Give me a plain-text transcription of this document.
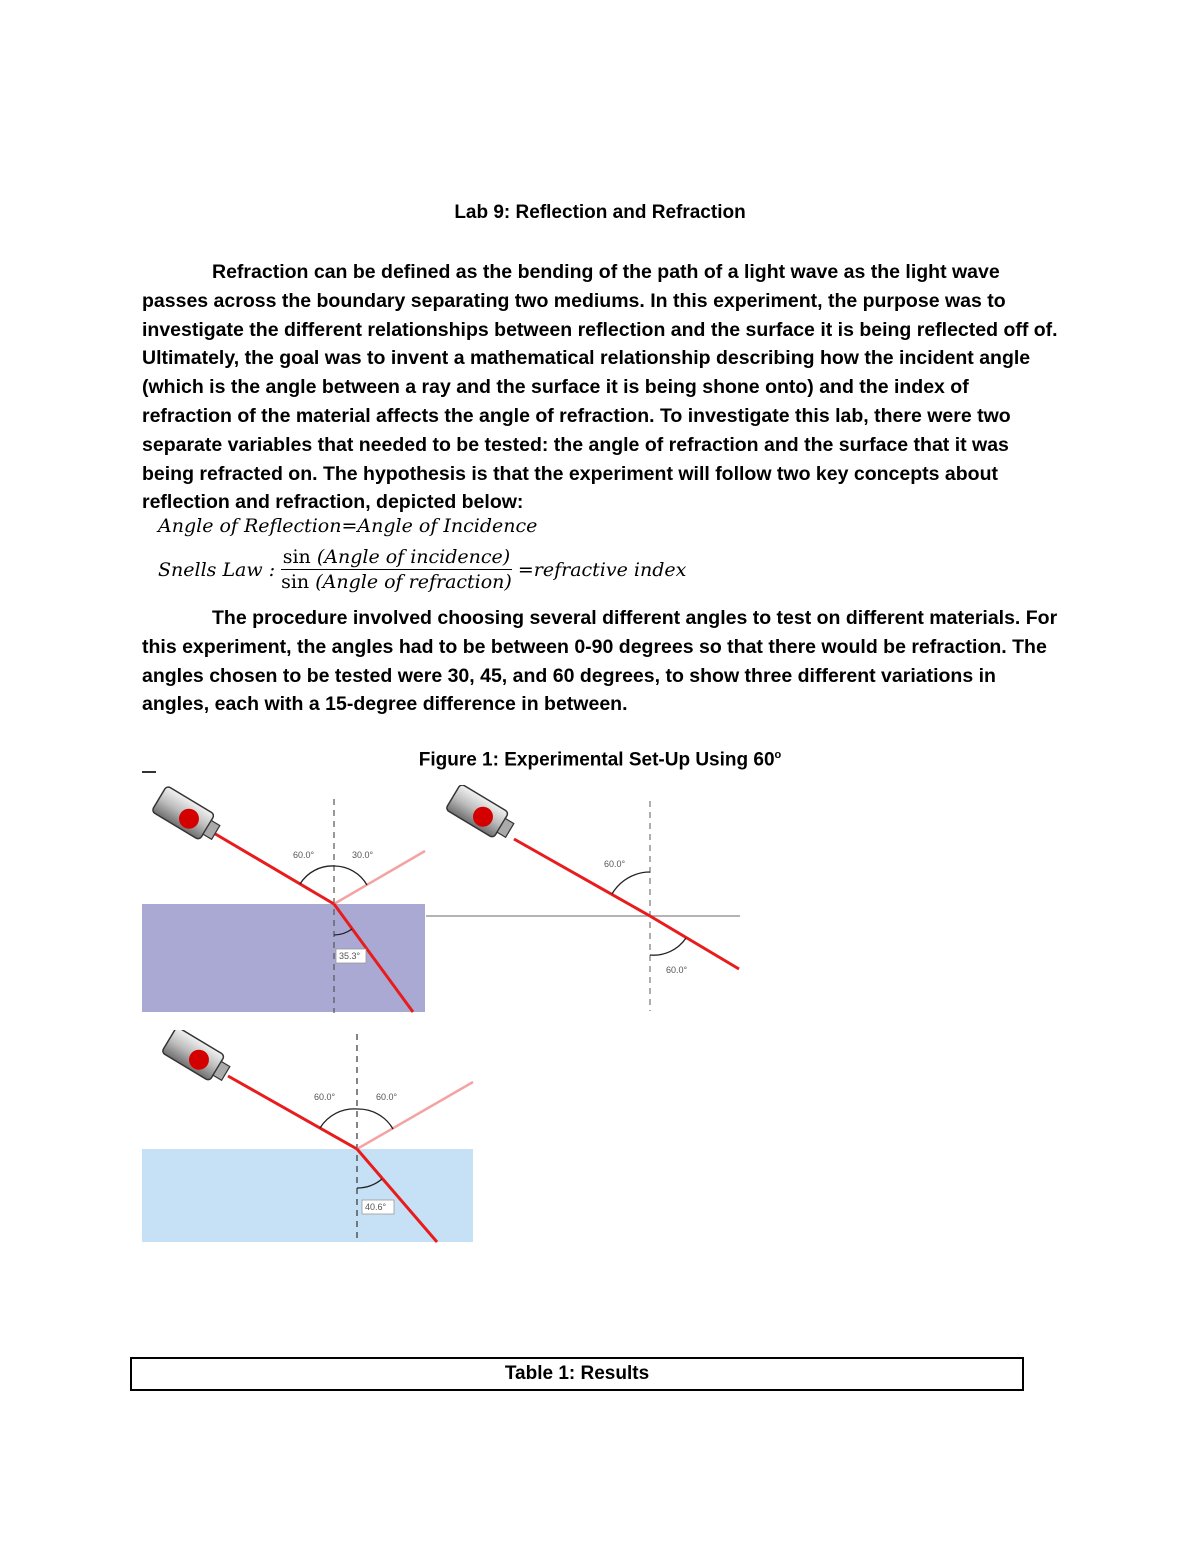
Lab 9: Reflection and Refraction
Refraction can be defined as the bending of the path of a light wave as the light wave passes across the boundary separating two mediums. In this experiment, the purpose was to investigate the different relationships between reflection and the surface it is being reflected off of. Ultimately, the goal was to invent a mathematical relationship describing how the incident angle (which is the angle between a ray and the surface it is being shone onto) and the index of refraction of the material affects the angle of refraction. To investigate this lab, there were two separate variables that needed to be tested: the angle of refraction and the surface that it was being refracted on. The hypothesis is that the experiment will follow two key concepts about reflection and refraction, depicted below:
Angle of Reflection=Angle of Incidence
Snells Law : $\frac{\text{sin (Angle of incidence)}}{\text{sin (Angle of refraction)}}$ =refractive index
The procedure involved choosing several different angles to test on different materials. For this experiment, the angles had to be between 0-90 degrees so that there would be refraction. The angles chosen to be tested were 30, 45, and 60 degrees, to show three different variations in angles, each with a 15-degree difference in between.
Figure 1: Experimental Set-Up Using 60$^o$
60.0°	30.0°
35.3°
60.0°
60.0°
60.0°	60.0°
40.6°
Table 1: Results
